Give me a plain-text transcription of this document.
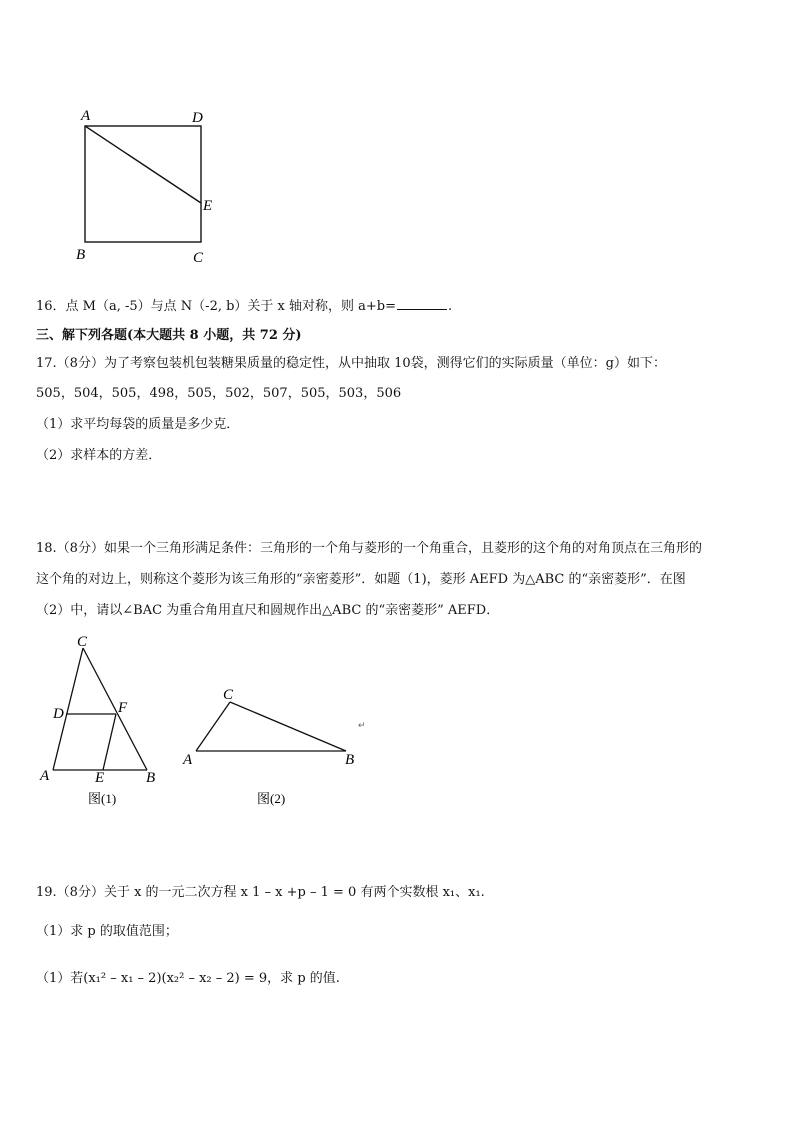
A	D
E
B	C
16．点 M（a, -5）与点 N（-2, b）关于 x 轴对称，则 a+b=	.
三、解下列各题(本大题共 8 小题，共 72 分)
17.（8分）为了考察包装机包装糖果质量的稳定性，从中抽取 10袋，测得它们的实际质量（单位：g）如下：
505，504，505，498，505，502，507，505，503，506
（1）求平均每袋的质量是多少克．
（2）求样本的方差．
18.（8分）如果一个三角形满足条件：三角形的一个角与菱形的一个角重合，且菱形的这个角的对角顶点在三角形的
这个角的对边上，则称这个菱形为该三角形的“亲密菱形”．如题（1)，菱形 AEFD 为△ABC 的“亲密菱形”．在图
（2）中，请以∠BAC 为重合角用直尺和圆规作出△ABC 的“亲密菱形” AEFD．
C
D	F
A	E	B
图(1)
C
A	B
↵
图(2)
19.（8分）关于 x 的一元二次方程 x 1 – x +p – 1 = 0 有两个实数根 x₁、x₁.
（1）求 p 的取值范围；
（1）若(x₁² – x₁ – 2)(x₂² – x₂ – 2) = 9，求 p 的值.
